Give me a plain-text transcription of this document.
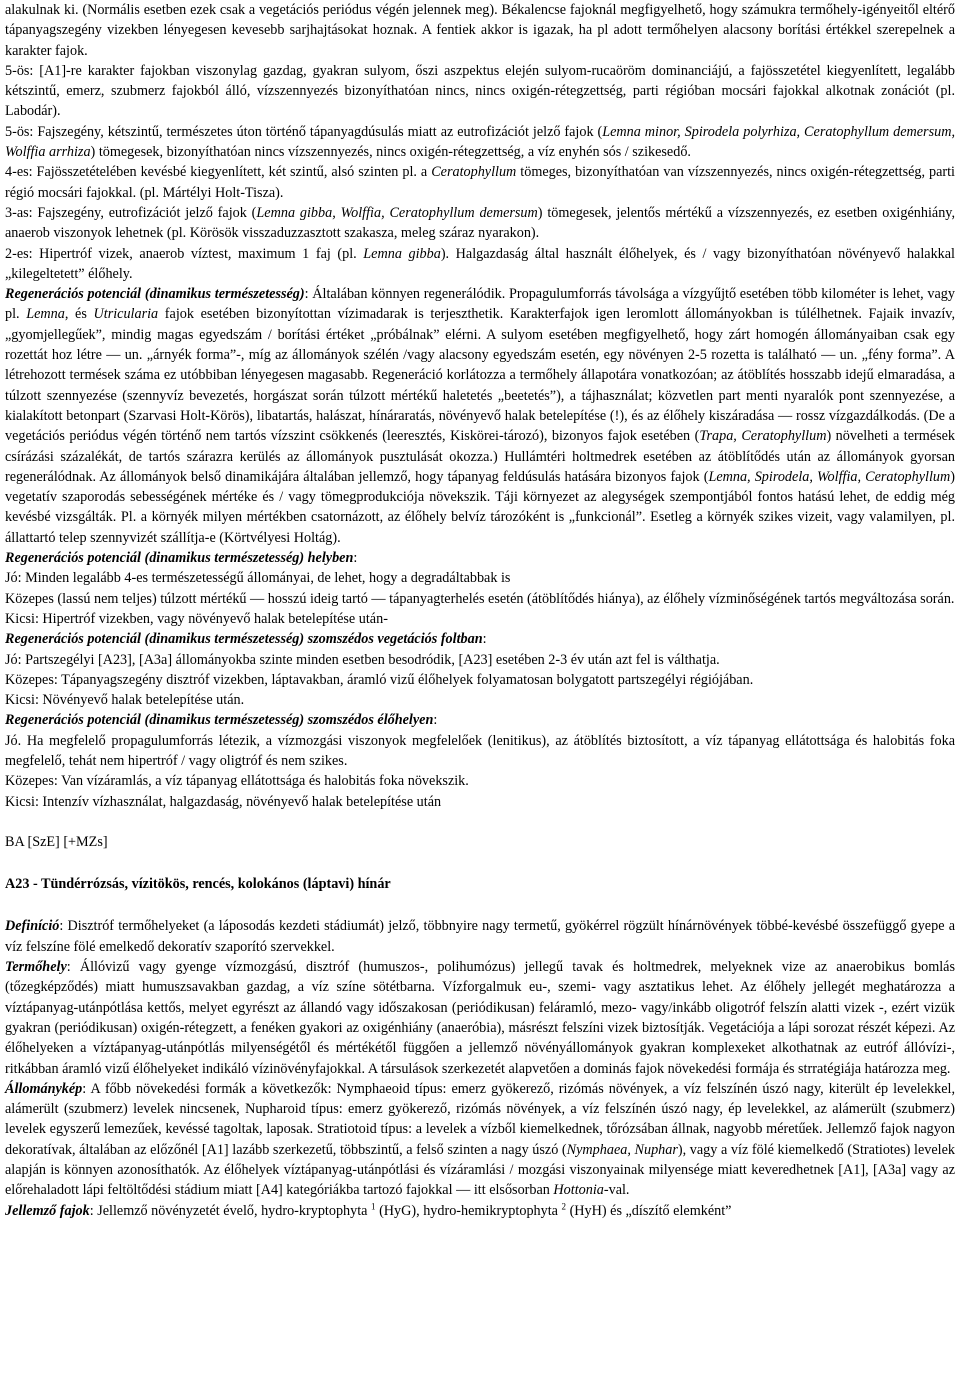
alakulnak ki. (Normális esetben ezek csak a vegetációs periódus végén jelennek meg). Békalencse fajoknál megfigyelhető, hogy számukra termőhely-igényeitől eltérő tápanyagszegény vizekben lényegesen kevesebb sarjhajtásokat hoznak. A fentiek akkor is igazak, ha pl adott termőhelyen alacsony borítási értékkel szerepelnek a karakter fajok.

5-ös: [A1]-re karakter fajokban viszonylag gazdag, gyakran sulyom, őszi aszpektus elején sulyom-rucaöröm dominanciájú, a fajösszetétel kiegyenlített, legalább kétszintű, emerz, szubmerz fajokból álló, vízszennyezés bizonyíthatóan nincs, nincs oxigén-rétegzettség, parti régióban mocsári fajokkal alkotnak zonációt (pl. Labodár).

5-ös: Fajszegény, kétszintű, természetes úton történő tápanyagdúsulás miatt az eutrofizációt jelző fajok (Lemna minor, Spirodela polyrhiza, Ceratophyllum demersum, Wolffia arrhiza) tömegesek, bizonyíthatóan nincs vízszennyezés, nincs oxigén-rétegzettség, a víz enyhén sós / szikesedő.

4-es: Fajösszetételében kevésbé kiegyenlített, két szintű, alsó szinten pl. a Ceratophyllum tömeges, bizonyíthatóan van vízszennyezés, nincs oxigén-rétegzettség, parti régió mocsári fajokkal. (pl. Mártélyi Holt-Tisza).

3-as: Fajszegény, eutrofizációt jelző fajok (Lemna gibba, Wolffia, Ceratophyllum demersum) tömegesek, jelentős mértékű a vízszennyezés, ez esetben oxigénhiány, anaerob viszonyok lehetnek (pl. Körösök visszaduzzasztott szakasza, meleg száraz nyarakon).

2-es: Hipertróf vizek, anaerob víztest, maximum 1 faj (pl. Lemna gibba). Halgazdaság által használt élőhelyek, és / vagy bizonyíthatóan növényevő halakkal „kilegeltetett” élőhely.

Regenerációs potenciál (dinamikus természetesség): Általában könnyen regenerálódik. Propagulumforrás távolsága a vízgyűjtő esetében több kilométer is lehet, vagy pl. Lemna, és Utricularia fajok esetében bizonyítottan vízimadarak is terjeszthetik. Karakterfajok igen leromlott állományokban is túlélhetnek. Fajaik invazív, „gyomjellegűek”, mindig magas egyedszám / borítási értéket „próbálnak” elérni. A sulyom esetében megfigyelhető, hogy zárt homogén állományaiban csak egy rozettát hoz létre — un. „árnyék forma”-, míg az állományok szélén /vagy alacsony egyedszám esetén, egy növényen 2-5 rozetta is található — un. „fény forma”. A létrehozott termések száma ez utóbbiban lényegesen magasabb. Regeneráció korlátozza a termőhely állapotára vonatkozóan; az átöblítés hosszabb idejű elmaradása, a túlzott szennyezése (szennyvíz bevezetés, horgászat során túlzott mértékű haletetés „beetetés”), a tájhasználat; közvetlen part menti nyaralók pont szennyezése, a kialakított betonpart (Szarvasi Holt-Körös), libatartás, halászat, hínáraratás, növényevő halak betelepítése (!), és az élőhely kiszáradása — rossz vízgazdálkodás. (De a vegetációs periódus végén történő nem tartós vízszint csökkenés (leeresztés, Kiskörei-tározó), bizonyos fajok esetében (Trapa, Ceratophyllum) növelheti a termések csírázási százalékát, de tartós szárazra kerülés az állományok pusztulását okozza.) Hullámtéri holtmedrek esetében az átöblítődés után az állományok gyorsan regenerálódnak. Az állományok belső dinamikájára általában jellemző, hogy tápanyag feldúsulás hatására bizonyos fajok (Lemna, Spirodela, Wolffia, Ceratophyllum) vegetatív szaporodás sebességének mértéke és / vagy tömegprodukciója növekszik. Táji környezet az alegységek szempontjából fontos hatású lehet, de eddig még kevésbé vizsgálták. Pl. a környék milyen mértékben csatornázott, az élőhely belvíz tározóként is „funkcionál”. Esetleg a környék szikes vizeit, vagy valamilyen, pl. állattartó telep szennyvizét szállítja-e (Körtvélyesi Holtág).

Regenerációs potenciál (dinamikus természetesség) helyben:

Jó: Minden legalább 4-es természetességű állományai, de lehet, hogy a degradáltabbak is

Közepes (lassú nem teljes) túlzott mértékű — hosszú ideig tartó — tápanyagterhelés esetén (átöblítődés hiánya), az élőhely vízminőségének tartós megváltozása során.

Kicsi: Hipertróf vizekben, vagy növényevő halak betelepítése után-

Regenerációs potenciál (dinamikus természetesség) szomszédos vegetációs foltban:

Jó: Partszegélyi [A23], [A3a] állományokba szinte minden esetben besodródik, [A23] esetében 2-3 év után azt fel is válthatja.

Közepes: Tápanyagszegény disztróf vizekben, láptavakban, áramló vizű élőhelyek folyamatosan bolygatott partszegélyi régiójában.

Kicsi: Növényevő halak betelepítése után.

Regenerációs potenciál (dinamikus természetesség) szomszédos élőhelyen:

Jó. Ha megfelelő propagulumforrás létezik, a vízmozgási viszonyok megfelelőek (lenitikus), az átöblítés biztosított, a víz tápanyag ellátottsága és halobitás foka megfelelő, tehát nem hipertróf / vagy oligtróf és nem szikes.

Közepes: Van vízáramlás, a víz tápanyag ellátottsága és halobitás foka növekszik.

Kicsi: Intenzív vízhasználat, halgazdaság, növényevő halak betelepítése után

BA [SzE] [+MZs]

A23 - Tündérrózsás, vízitökös, rencés, kolokános (láptavi) hínár

Definíció: Disztróf termőhelyeket (a láposodás kezdeti stádiumát) jelző, többnyire nagy termetű, gyökérrel rögzült hínárnövények többé-kevésbé összefüggő gyepe a víz felszíne fölé emelkedő dekoratív szaporító szervekkel.

Termőhely: Állóvizű vagy gyenge vízmozgású, disztróf (humuszos-, polihumózus) jellegű tavak és holtmedrek, melyeknek vize az anaerobikus bomlás (tőzegképződés) miatt humuszsavakban gazdag, a víz színe sötétbarna. Vízforgalmuk eu-, szemi- vagy asztatikus lehet. Az élőhely jellegét meghatározza a víztápanyag-utánpótlása kettős, melyet egyrészt az állandó vagy időszakosan (periódikusan) feláramló, mezo- vagy/inkább oligotróf felszín alatti vizek -, ezért vizük gyakran (periódikusan) oxigén-rétegzett, a fenéken gyakori az oxigénhiány (anaeróbia), másrészt felszíni vizek biztosítják. Vegetációja a lápi sorozat részét képezi. Az élőhelyeken a víztápanyag-utánpótlás milyenségétől és mértékétől függően a jellemző növényállományok gyakran komplexeket alkothatnak az eutróf állóvízi-, ritkábban áramló vizű élőhelyeket indikáló vízinövényfajokkal. A társulások szerkezetét alapvetően a dominás fajok növekedési formája és strratégiája határozza meg.

Állománykép: A főbb növekedési formák a következők: Nymphaeoid típus: emerz gyökerező, rizómás növények, a víz felszínén úszó nagy, kiterült ép levelekkel, alámerült (szubmerz) levelek nincsenek, Nupharoid típus: emerz gyökerező, rizómás növények, a víz felszínén úszó nagy, ép levelekkel, az alámerült (szubmerz) levelek egyszerű lemezűek, kevéssé tagoltak, laposak. Stratiotoid típus: a levelek a vízből kiemelkednek, tőrózsában állnak, nagyobb méretűek. Jellemző fajok nagyon dekoratívak, általában az előzőnél [A1] lazább szerkezetű, többszintű, a felső szinten a nagy úszó (Nymphaea, Nuphar), vagy a víz fölé kiemelkedő (Stratiotes) levelek alapján is könnyen azonosíthatók. Az élőhelyek víztápanyag-utánpótlási és vízáramlási / mozgási viszonyainak milyensége miatt keveredhetnek [A1], [A3a] vagy az előrehaladott lápi feltöltődési stádium miatt [A4] kategóriákba tartozó fajokkal — itt elsősorban Hottonia-val.

Jellemző fajok: Jellemző növényzetét évelő, hydro-kryptophyta $^1$ (HyG), hydro-hemikryptophyta $^2$ (HyH) és „díszítő elemként”
